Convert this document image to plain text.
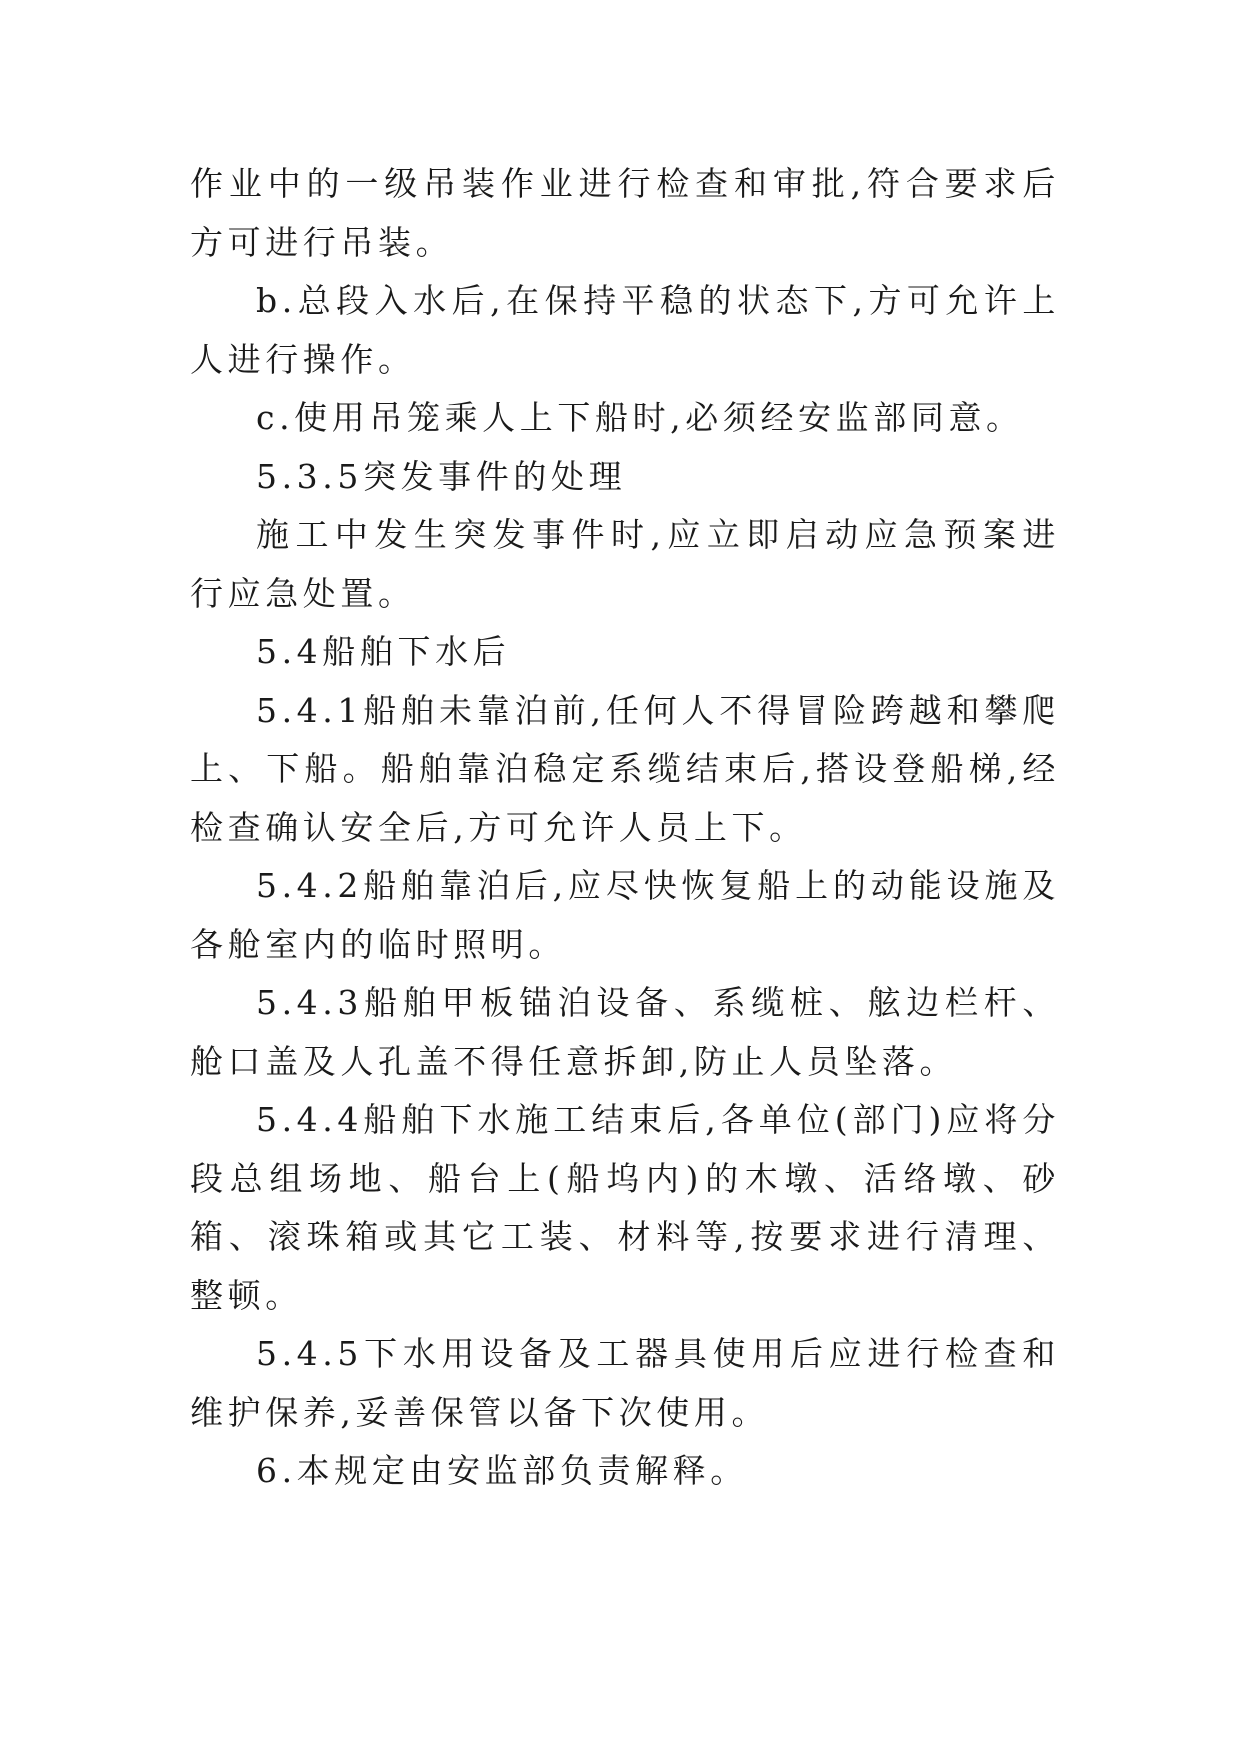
作业中的一级吊装作业进行检查和审批,符合要求后方可进行吊装。

b.总段入水后,在保持平稳的状态下,方可允许上人进行操作。

c.使用吊笼乘人上下船时,必须经安监部同意。

5.3.5突发事件的处理

施工中发生突发事件时,应立即启动应急预案进行应急处置。

5.4船舶下水后

5.4.1船舶未靠泊前,任何人不得冒险跨越和攀爬上、下船。船舶靠泊稳定系缆结束后,搭设登船梯,经检查确认安全后,方可允许人员上下。

5.4.2船舶靠泊后,应尽快恢复船上的动能设施及各舱室内的临时照明。

5.4.3船舶甲板锚泊设备、系缆桩、舷边栏杆、舱口盖及人孔盖不得任意拆卸,防止人员坠落。

5.4.4船舶下水施工结束后,各单位(部门)应将分段总组场地、船台上(船坞内)的木墩、活络墩、砂箱、滚珠箱或其它工装、材料等,按要求进行清理、整顿。

5.4.5下水用设备及工器具使用后应进行检查和维护保养,妥善保管以备下次使用。

6.本规定由安监部负责解释。
